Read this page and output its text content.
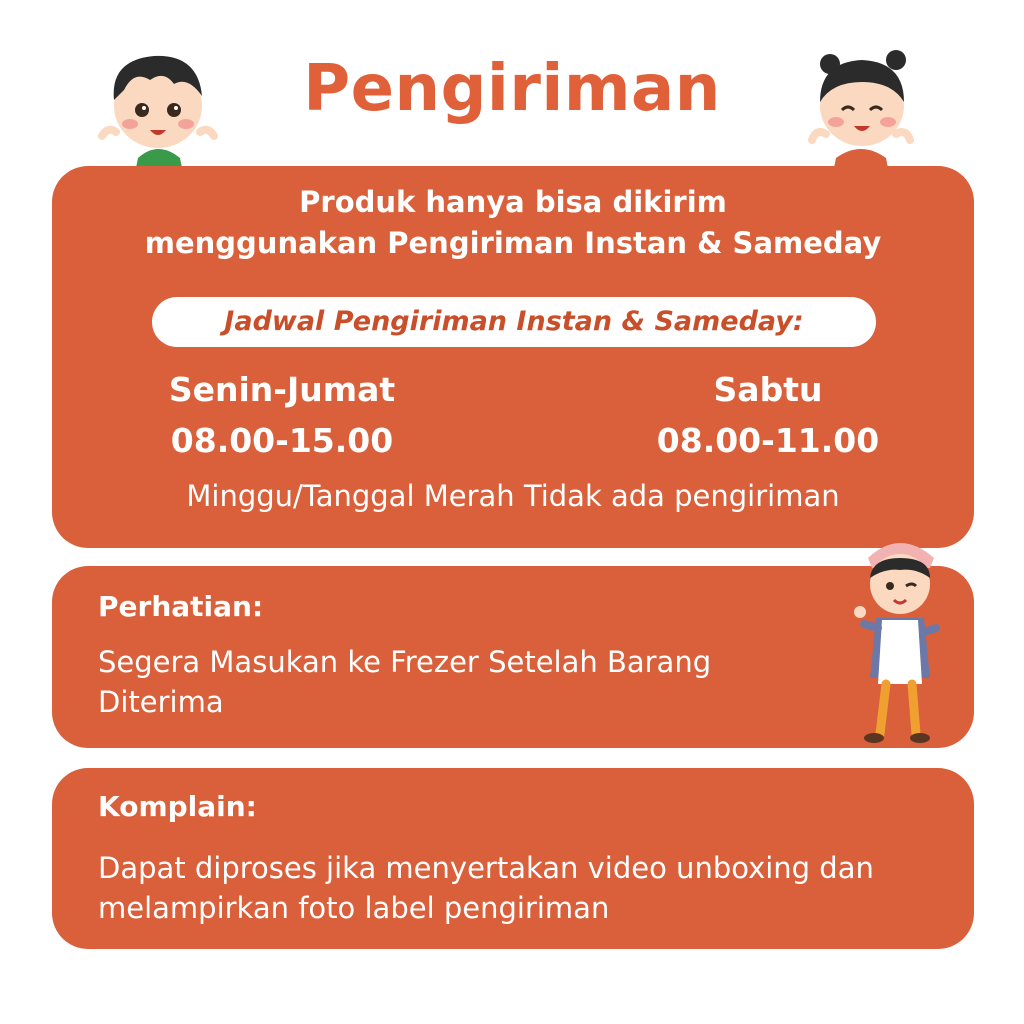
Pengiriman
Produk hanya bisa dikirim
menggunakan Pengiriman Instan & Sameday
Jadwal Pengiriman Instan & Sameday:
Senin-Jumat
08.00-15.00
Sabtu
08.00-11.00
Minggu/Tanggal Merah Tidak ada pengiriman
Perhatian:
Segera Masukan ke Frezer Setelah Barang Diterima
Komplain:
Dapat diproses jika menyertakan video unboxing dan melampirkan foto label pengiriman
